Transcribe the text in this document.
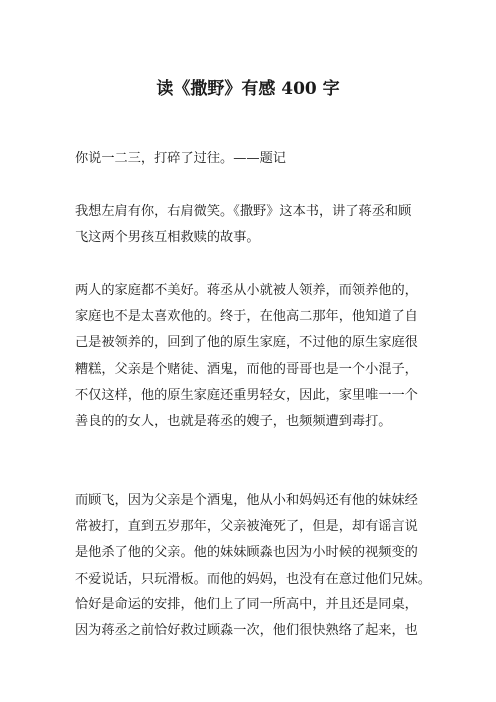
读《撒野》有感 400 字

你说一二三，打碎了过往。——题记

我想左肩有你，右肩微笑。《撒野》这本书，讲了蒋丞和顾
飞这两个男孩互相救赎的故事。

两人的家庭都不美好。蒋丞从小就被人领养，而领养他的，
家庭也不是太喜欢他的。终于，在他高二那年，他知道了自
己是被领养的，回到了他的原生家庭，不过他的原生家庭很
糟糕，父亲是个赌徒、酒鬼，而他的哥哥也是一个小混子，
不仅这样，他的原生家庭还重男轻女，因此，家里唯一一个
善良的的女人，也就是蒋丞的嫂子，也频频遭到毒打。

而顾飞，因为父亲是个酒鬼，他从小和妈妈还有他的妹妹经
常被打，直到五岁那年，父亲被淹死了，但是，却有谣言说
是他杀了他的父亲。他的妹妹顾淼也因为小时候的视频变的
不爱说话，只玩滑板。而他的妈妈，也没有在意过他们兄妹。

恰好是命运的安排，他们上了同一所高中，并且还是同桌，
因为蒋丞之前恰好救过顾淼一次，他们很快熟络了起来，也
